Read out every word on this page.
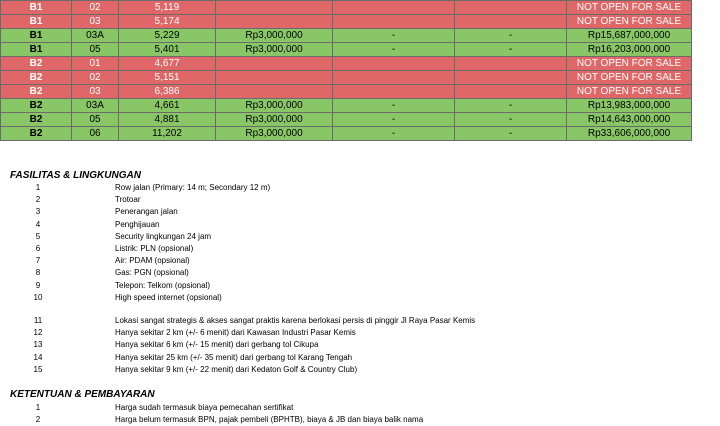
B1	02	5,119				NOT OPEN FOR SALE
B1	03	5,174				NOT OPEN FOR SALE
B1	03A	5,229	Rp3,000,000	-	-	Rp15,687,000,000
B1	05	5,401	Rp3,000,000	-	-	Rp16,203,000,000
B2	01	4,677				NOT OPEN FOR SALE
B2	02	5,151				NOT OPEN FOR SALE
B2	03	6,386				NOT OPEN FOR SALE
B2	03A	4,661	Rp3,000,000	-	-	Rp13,983,000,000
B2	05	4,881	Rp3,000,000	-	-	Rp14,643,000,000
B2	06	11,202	Rp3,000,000	-	-	Rp33,606,000,000
FASILITAS & LINGKUNGAN
1	Row jalan (Primary: 14 m; Secondary 12 m)
2	Trotoar
3	Penerangan jalan
4	Penghijauan
5	Security lingkungan 24 jam
6	Listrik: PLN (opsional)
7	Air: PDAM (opsional)
8	Gas: PGN (opsional)
9	Telepon: Telkom (opsional)
10	High speed internet (opsional)
11	Lokasi sangat strategis & akses sangat praktis karena berlokasi persis di pinggir Jl Raya Pasar Kemis
12	Hanya sekitar 2 km (+/- 6 menit) dari Kawasan Industri Pasar Kemis
13	Hanya sekitar 6 km (+/- 15 menit) dari gerbang tol Cikupa
14	Hanya sekitar 25 km (+/- 35 menit) dari gerbang tol Karang Tengah
15	Hanya sekitar 9 km (+/- 22 menit) dari Kedaton Golf & Country Club)
KETENTUAN & PEMBAYARAN
1	Harga sudah termasuk biaya pemecahan sertifikat
2	Harga belum termasuk BPN, pajak pembeli (BPHTB), biaya & JB dan biaya balik nama
